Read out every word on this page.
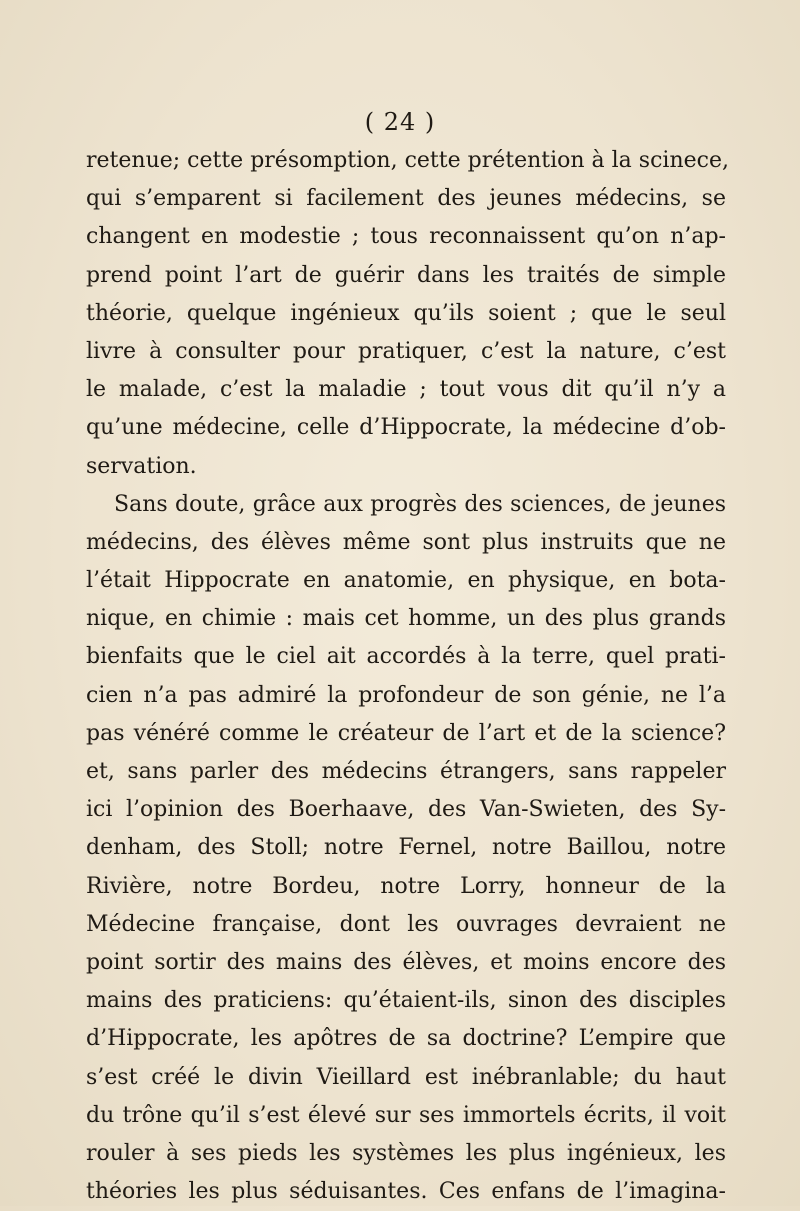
( 24 )
retenue; cette présomption, cette prétention à la scinece,
qui s’emparent si facilement des jeunes médecins, se
changent en modestie ; tous reconnaissent qu’on n’ap-
prend point l’art de guérir dans les traités de simple
théorie, quelque ingénieux qu’ils soient ; que le seul
livre à consulter pour pratiquer, c’est la nature, c’est
le malade, c’est la maladie ; tout vous dit qu’il n’y a
qu’une médecine, celle d’Hippocrate, la médecine d’ob-
servation.
Sans doute, grâce aux progrès des sciences, de jeunes
médecins, des élèves même sont plus instruits que ne
l’était Hippocrate en anatomie, en physique, en bota-
nique, en chimie : mais cet homme, un des plus grands
bienfaits que le ciel ait accordés à la terre, quel prati-
cien n’a pas admiré la profondeur de son génie, ne l’a
pas vénéré comme le créateur de l’art et de la science?
et, sans parler des médecins étrangers, sans rappeler
ici l’opinion des Boerhaave, des Van-Swieten, des Sy-
denham, des Stoll; notre Fernel, notre Baillou, notre
Rivière, notre Bordeu, notre Lorry, honneur de la
Médecine française, dont les ouvrages devraient ne
point sortir des mains des élèves, et moins encore des
mains des praticiens: qu’étaient-ils, sinon des disciples
d’Hippocrate, les apôtres de sa doctrine? L’empire que
s’est créé le divin Vieillard est inébranlable; du haut
du trône qu’il s’est élevé sur ses immortels écrits, il voit
rouler à ses pieds les systèmes les plus ingénieux, les
théories les plus séduisantes. Ces enfans de l’imagina-
